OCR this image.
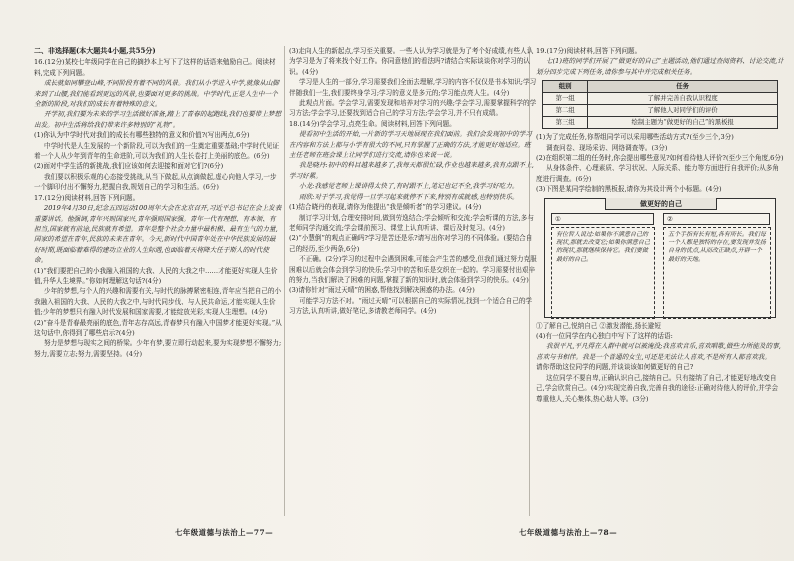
二、非选择题(本大题共4小题,共55分)

16.(12分)某校七年级同学在自己的摘抄本上写下了这样的话语来勉励自己。阅读材料,完成下列问题。

成长就如同攀登山峰,不同阶段有着不同的风景。我们从小学进入中学,就像从山脚来到了山腰,我们能看到更远的风景,也要面对更多的挑战。中学时代,正是人生中一个全新的阶段,对我们的成长有着特殊的意义。

开学初,我们要为未来的学习生活做好准备,踏上了青春的起跑线,我们也要带上梦想出发。初中生活将给我们带来许多特别的“礼物”。

(1)你认为中学时代对我们的成长有哪些独特的意义和价值?(写出两点,6分)

中学时代是人生发展的一个新阶段,可以为我们的一生奠定重要基础;中学时代见证着一个人从少年到青年的生命进阶,可以为我们的人生长卷打上美丽的底色。(6分)

(2)面对中学生活的新挑战,我们应该如何去迎接和面对它们?(6分)

我们要以积极乐观的心态接受挑战,从当下做起,从点滴做起,虚心向他人学习,一步一个脚印付出不懈努力,把握自我,规划自己的学习和生活。(6分)

17.(12分)阅读材料,回答下列问题。

2019年4月30日,纪念五四运动100周年大会在北京召开,习近平总书记在会上发表重要讲话。他强调,青年兴则国家兴,青年强则国家强。青年一代有理想、有本领、有担当,国家就有前途,民族就有希望。青年是整个社会力量中最积极、最有生气的力量,国家的希望在青年,民族的未来在青年。今天,新时代中国青年处在中华民族发展的最好时期,既面临着难得的建功立业的人生际遇,也面临着天将降大任于斯人的时代使命。

(1)“我们要把自己的小我融入祖国的大我、人民的大我之中……才能更好实现人生价值,升华人生境界。”你如何理解这句话?(4分)

少年的梦想,与个人的兴趣和需要有关,与时代的脉搏紧密相连,青年应当把自己的小我融入祖国的大我、人民的大我之中,与时代同步伐、与人民共命运,才能实现人生价值;少年的梦想只有融入时代发展和国家需要,才能绽放光彩,实现人生理想。(4分)

(2)“奋斗是青春最亮丽的底色,青年志存高远,青春梦只有融入中国梦才能更好实现。”从这句话中,你得到了哪些启示?(4分)

努力是梦想与现实之间的桥梁。少年有梦,要立即行动起来,要为实现梦想不懈努力;努力,需要立志;努力,需要坚持。(4分)

(3)走向人生的新起点,学习至关重要。一些人认为学习就是为了考个好成绩,有些人认为学习是为了将来找个好工作。你同意他们的看法吗?请结合实际谈谈你对学习的认识。(4分)

学习是人生的一部分,学习需要我们全面去理解,学习的内容不仅仅是书本知识;学习伴随我们一生,我们要终身学习;学习的意义是多元的;学习能点亮人生。(4分)

此观点片面。学会学习,需要发现和培养对学习的兴趣;学会学习,需要掌握科学的学习方法;学会学习,还要找到适合自己的学习方法;学会学习,并不只有成绩。

18.(14分)学会学习,点亮生命。阅读材料,回答下列问题。

提看初中生活的开始,一片新的学习天地展现在我们面前。我们会发现初中的学习在内容和方法上都与小学有很大的不同,只有掌握了正确的方法,才能更好地适应。班主任老师在班会课上让同学们进行交流,请你也来说一说。

我是晓丹:初中的科目越来越多了,我每天都很忙碌,作业也越来越多,我有点跟不上,学习好累。

小龙:我感觉老师上课讲得太快了,有时跟不上,笔记也记不全,我学习好吃力。

雨欣:对于学习,我觉得一旦学习起来就停不下来,特别有成就感,也特别快乐。

(1)结合晓丹的表现,请你为他提出“我是倾听者”的学习建议。(4分)

制订学习计划,合理安排时间,做到劳逸结合;学会倾听和交流;学会听课的方法,多与老师同学沟通交流;学会课前预习、课堂上认真听讲、课后及时复习。(4分)

(2)“小慧倒”的观点正确吗?学习是苦还是乐?请写出你对学习的不同体验。(要结合自己的经历,至少两条,6分)

不正确。(2分)学习的过程中会遇到困难,可能会产生苦的感受,但我们通过努力克服困难以后就会体会到学习的快乐;学习中的苦和乐是交织在一起的。学习需要付出艰辛的努力,当我们解决了困难的问题,掌握了新的知识时,就会体验到学习的快乐。(4分)

(3)请你针对“雨过天晴”的困惑,帮他找到解决困惑的办法。(4分)

可能学习方法不对。“雨过天晴”可以根据自己的实际情况,找到一个适合自己的学习方法,认真听讲,做好笔记,多请教老师同学。(4分)

19.(17分)阅读材料,回答下列问题。

七(1)班的同学们开展了“做更好的自己”主题活动,他们通过查阅资料、讨论交流,计划分四步完成下列任务,请你参与其中并完成相关任务。

组别	任务
第一组	了解并完善自我认识程度
第二组	了解他人对同学们的评价
第三组	绘制主题为“做更好的自己”的黑板报

(1)为了完成任务,你帮组同学可以采用哪些活动方式?(至少三个,3分)

调查问卷、现场采访、网络调查等。(3分)

(2)在组织第二组的任务时,你会提出哪些意见?如何看待他人评价?(至少三个角度,6分)

从身体条件、心理素质、学习状况、人际关系、能力等方面进行自我评价;从多角度进行调查。(6分)

(3)下图是某同学绘制的黑板报,请你为其设计两个小标题。(4分)

做更好的自己
①	②
有位哲人说过:如果你不满意自己的现状,那就去改变它;如果你满意自己的现状,那就继续保持它。我们要做最好的自己。
五个手指有长有短,各有所长。我们每一个人都是独特的存在,要发现并发扬自身的优点,从而改正缺点,开辟一个最好的天地。

①了解自己,悦纳自己 ②激发潜能,扬长避短

(4)有一位同学在内心独白中写下了这样的话语:

我很平凡,平凡得在人群中就可以被淹没;我喜欢音乐,喜欢唱歌,做些力所能及的事,喜欢与书相伴。我是一个普通的女生,可还是无法让人喜欢,不是所有人都喜欢我。

请你帮助这位同学的问题,并谈谈该如何做更好的自己?

这位同学不要自卑,正确认识自己,接纳自己。只有接纳了自己,才能更好地改变自己,学会欣赏自己。(4分)实现完善自我,完善自我的途径:正确对待他人的评价,并学会尊重他人,关心集体,热心助人等。(3分)

七年级道德与法治上—77—	七年级道德与法治上—78—
